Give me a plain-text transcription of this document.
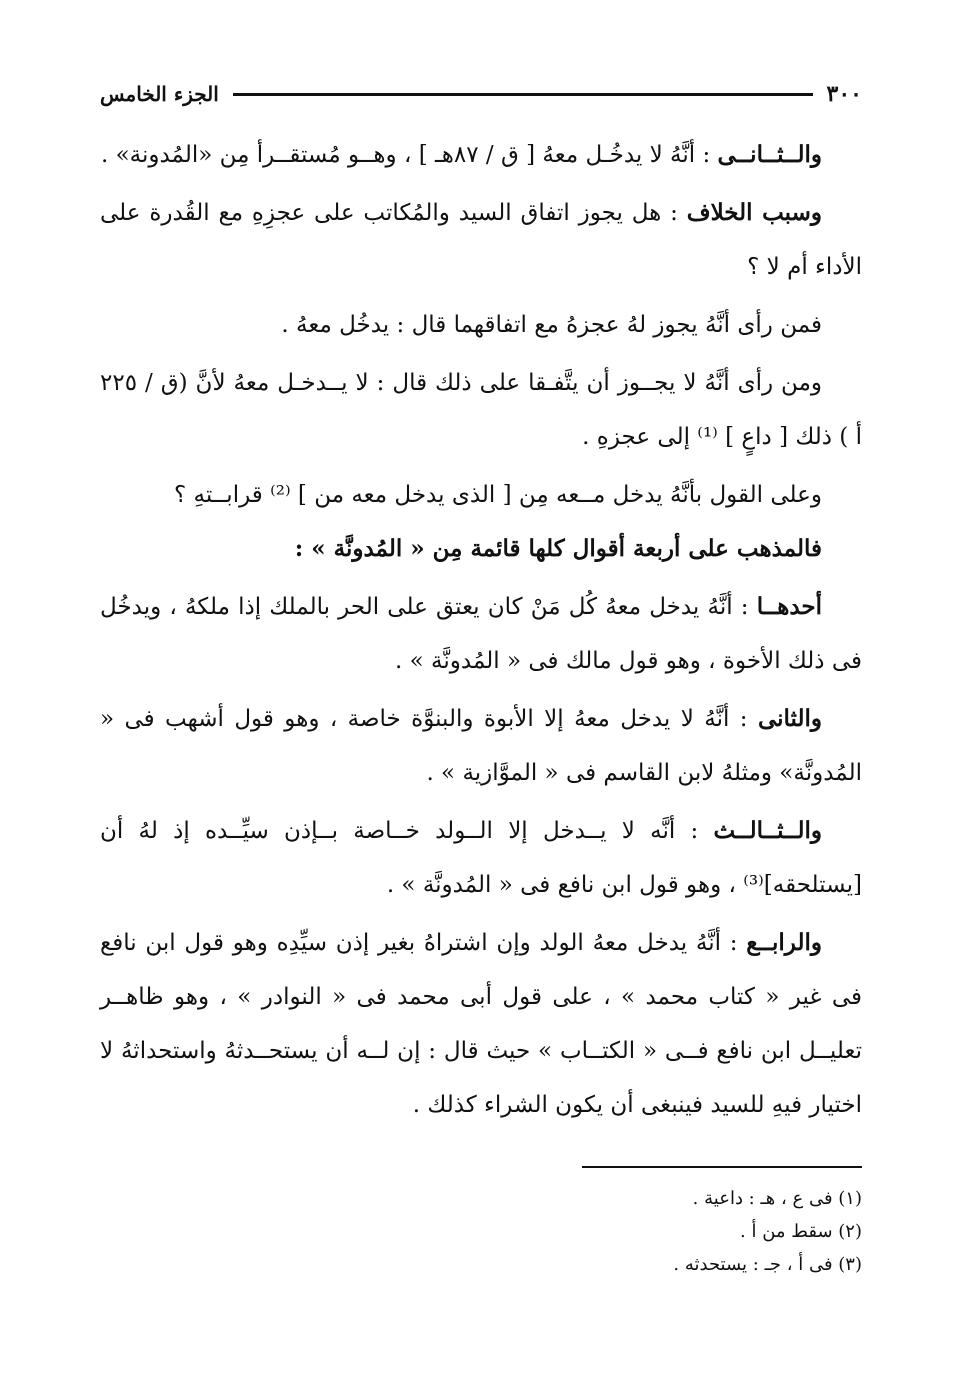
٣٠٠
الجزء الخامس

والــثــانــى : أنَّهُ لا يدخُـل معهُ [ ق / ٨٧هـ ] ، وهــو مُستقــرأ مِن «المُدونة» .

وسبب الخلاف : هل يجوز اتفاق السيد والمُكاتب على عجزِهِ مع القُدرة على الأداء أم لا ؟

فمن رأى أنَّهُ يجوز لهُ عجزهُ مع اتفاقهما قال : يدخُل معهُ .

ومن رأى أنَّهُ لا يجــوز أن يتَّفـقا على ذلك قال : لا يــدخـل معهُ لأنَّ (ق / ٢٢٥ أ ) ذلك [ داعٍ ] ⁽¹⁾ إلى عجزهِ .

وعلى القول بأنَّهُ يدخل مــعه مِن [ الذى يدخل معه من ] ⁽²⁾ قرابــتهِ ؟
فالمذهب على أربعة أقوال كلها قائمة مِن « المُدونَّة » :

أحدهــا : أنَّهُ يدخل معهُ كُل مَنْ كان يعتق على الحر بالملك إذا ملكهُ ، ويدخُل فى ذلك الأخوة ، وهو قول مالك فى « المُدونَّة » .

والثانى : أنَّهُ لا يدخل معهُ إلا الأبوة والبنوَّة خاصة ، وهو قول أشهب فى « المُدونَّة» ومثلهُ لابن القاسم فى « الموَّازية » .

والــثــالــث : أنَّه لا يــدخل إلا الــولد خــاصة بــإذن سيِّــده إذ لهُ أن [يستلحقه]⁽³⁾ ، وهو قول ابن نافع فى « المُدونَّة » .

والرابــع : أنَّهُ يدخل معهُ الولد وإن اشتراهُ بغير إذن سيِّدِه وهو قول ابن نافع فى غير « كتاب محمد » ، على قول أبى محمد فى « النوادر » ، وهو ظاهــر تعليــل ابن نافع فــى « الكتــاب » حيث قال : إن لــه أن يستحــدثهُ واستحداثهُ لا اختيار فيهِ للسيد فينبغى أن يكون الشراء كذلك .

(١) فى ع ، هـ : داعية .
(٢) سقط من أ .
(٣) فى أ ، جـ : يستحدثه .
